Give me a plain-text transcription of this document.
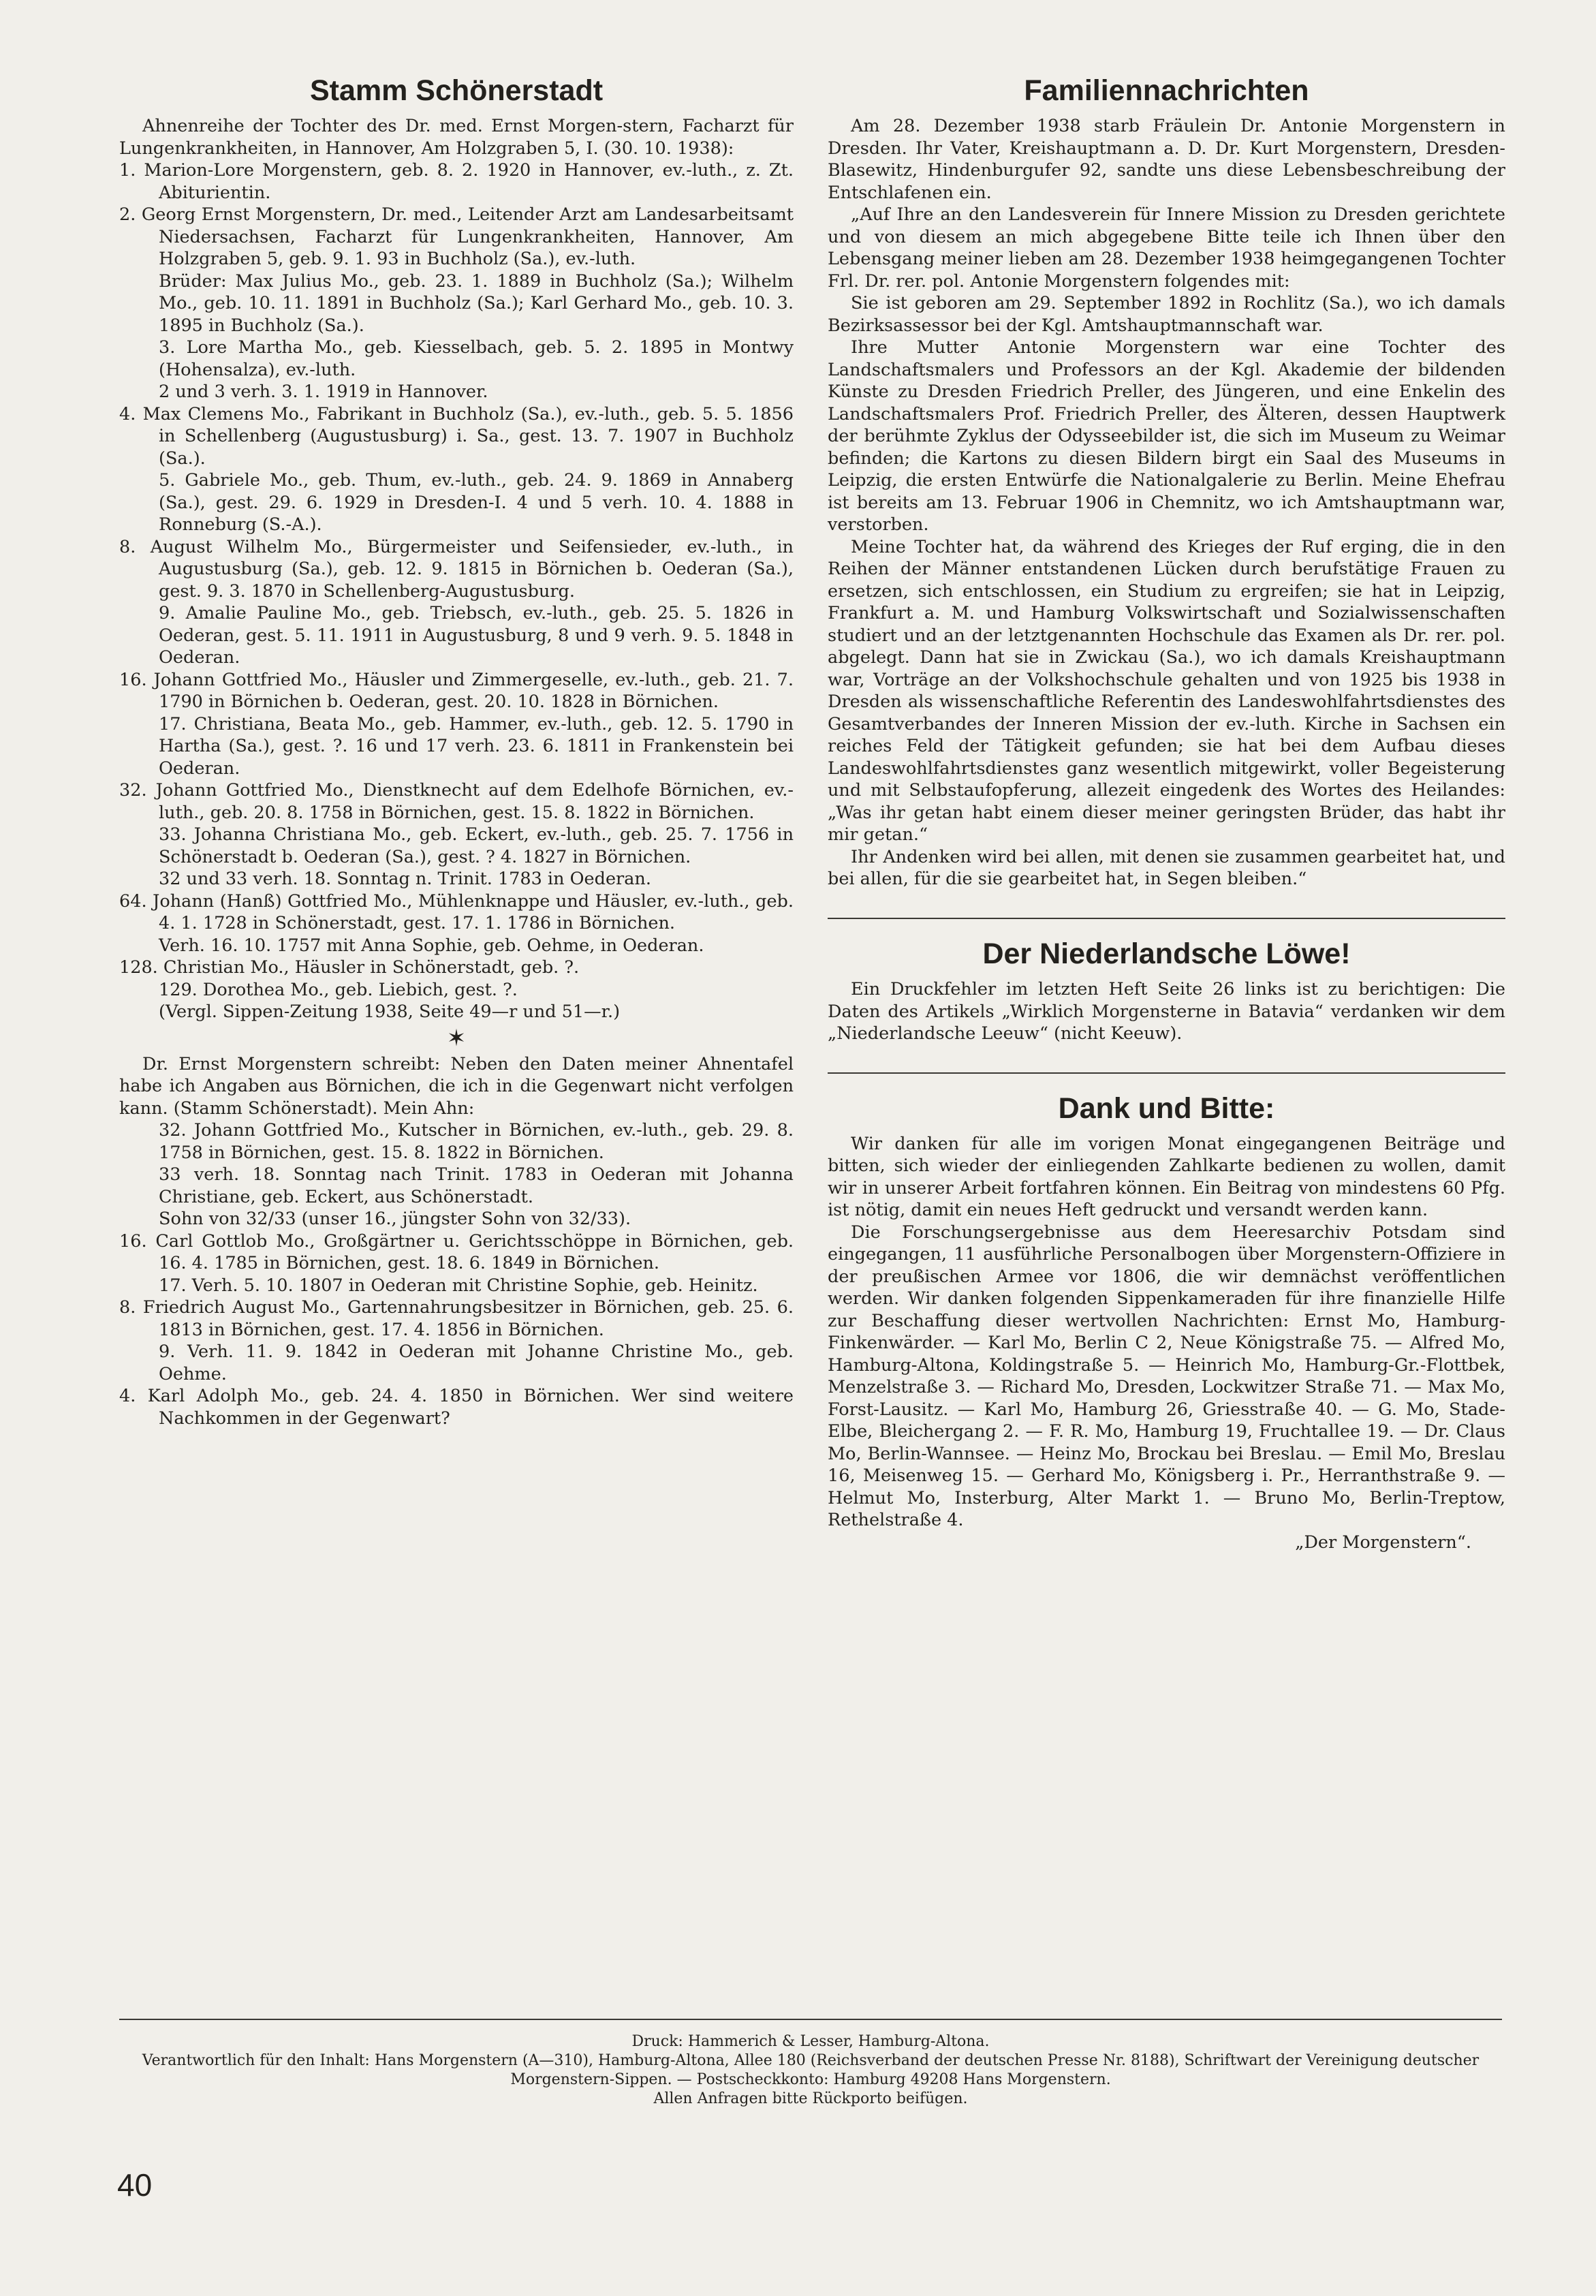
Stamm Schönerstadt

Ahnenreihe der Tochter des Dr. med. Ernst Morgen-stern, Facharzt für Lungenkrankheiten, in Hannover, Am Holzgraben 5, I. (30. 10. 1938):

1. Marion-Lore Morgenstern, geb. 8. 2. 1920 in Hannover, ev.-luth., z. Zt. Abiturientin.

2. Georg Ernst Morgenstern, Dr. med., Leitender Arzt am Landesarbeitsamt Niedersachsen, Facharzt für Lungenkrankheiten, Hannover, Am Holzgraben 5, geb. 9. 1. 93 in Buchholz (Sa.), ev.-luth.

Brüder: Max Julius Mo., geb. 23. 1. 1889 in Buchholz (Sa.); Wilhelm Mo., geb. 10. 11. 1891 in Buchholz (Sa.); Karl Gerhard Mo., geb. 10. 3. 1895 in Buchholz (Sa.).

3. Lore Martha Mo., geb. Kiesselbach, geb. 5. 2. 1895 in Montwy (Hohensalza), ev.-luth.

2 und 3 verh. 3. 1. 1919 in Hannover.

4. Max Clemens Mo., Fabrikant in Buchholz (Sa.), ev.-luth., geb. 5. 5. 1856 in Schellenberg (Augustusburg) i. Sa., gest. 13. 7. 1907 in Buchholz (Sa.).

5. Gabriele Mo., geb. Thum, ev.-luth., geb. 24. 9. 1869 in Annaberg (Sa.), gest. 29. 6. 1929 in Dresden-I. 4 und 5 verh. 10. 4. 1888 in Ronneburg (S.-A.).

8. August Wilhelm Mo., Bürgermeister und Seifensieder, ev.-luth., in Augustusburg (Sa.), geb. 12. 9. 1815 in Börnichen b. Oederan (Sa.), gest. 9. 3. 1870 in Schellenberg-Augustusburg.

9. Amalie Pauline Mo., geb. Triebsch, ev.-luth., geb. 25. 5. 1826 in Oederan, gest. 5. 11. 1911 in Augustusburg, 8 und 9 verh. 9. 5. 1848 in Oederan.

16. Johann Gottfried Mo., Häusler und Zimmergeselle, ev.-luth., geb. 21. 7. 1790 in Börnichen b. Oederan, gest. 20. 10. 1828 in Börnichen.

17. Christiana, Beata Mo., geb. Hammer, ev.-luth., geb. 12. 5. 1790 in Hartha (Sa.), gest. ?. 16 und 17 verh. 23. 6. 1811 in Frankenstein bei Oederan.

32. Johann Gottfried Mo., Dienstknecht auf dem Edelhofe Börnichen, ev.-luth., geb. 20. 8. 1758 in Börnichen, gest. 15. 8. 1822 in Börnichen.

33. Johanna Christiana Mo., geb. Eckert, ev.-luth., geb. 25. 7. 1756 in Schönerstadt b. Oederan (Sa.), gest. ? 4. 1827 in Börnichen.

32 und 33 verh. 18. Sonntag n. Trinit. 1783 in Oederan.

64. Johann (Hanß) Gottfried Mo., Mühlenknappe und Häusler, ev.-luth., geb. 4. 1. 1728 in Schönerstadt, gest. 17. 1. 1786 in Börnichen.

Verh. 16. 10. 1757 mit Anna Sophie, geb. Oehme, in Oederan.

128. Christian Mo., Häusler in Schönerstadt, geb. ?.

129. Dorothea Mo., geb. Liebich, gest. ?.

(Vergl. Sippen-Zeitung 1938, Seite 49—r und 51—r.)

✶

Dr. Ernst Morgenstern schreibt: Neben den Daten meiner Ahnentafel habe ich Angaben aus Börnichen, die ich in die Gegenwart nicht verfolgen kann. (Stamm Schönerstadt). Mein Ahn:

32. Johann Gottfried Mo., Kutscher in Börnichen, ev.-luth., geb. 29. 8. 1758 in Börnichen, gest. 15. 8. 1822 in Börnichen.

33 verh. 18. Sonntag nach Trinit. 1783 in Oederan mit Johanna Christiane, geb. Eckert, aus Schönerstadt.

Sohn von 32/33 (unser 16., jüngster Sohn von 32/33).

16. Carl Gottlob Mo., Großgärtner u. Gerichtsschöppe in Börnichen, geb. 16. 4. 1785 in Börnichen, gest. 18. 6. 1849 in Börnichen.

17. Verh. 5. 10. 1807 in Oederan mit Christine Sophie, geb. Heinitz.

8. Friedrich August Mo., Gartennahrungsbesitzer in Börnichen, geb. 25. 6. 1813 in Börnichen, gest. 17. 4. 1856 in Börnichen.

9. Verh. 11. 9. 1842 in Oederan mit Johanne Christine Mo., geb. Oehme.

4. Karl Adolph Mo., geb. 24. 4. 1850 in Börnichen. Wer sind weitere Nachkommen in der Gegenwart?

Familiennachrichten

Am 28. Dezember 1938 starb Fräulein Dr. Antonie Morgenstern in Dresden. Ihr Vater, Kreishauptmann a. D. Dr. Kurt Morgenstern, Dresden-Blasewitz, Hindenburgufer 92, sandte uns diese Lebensbeschreibung der Entschlafenen ein.

„Auf Ihre an den Landesverein für Innere Mission zu Dresden gerichtete und von diesem an mich abgegebene Bitte teile ich Ihnen über den Lebensgang meiner lieben am 28. Dezember 1938 heimgegangenen Tochter Frl. Dr. rer. pol. Antonie Morgenstern folgendes mit:

Sie ist geboren am 29. September 1892 in Rochlitz (Sa.), wo ich damals Bezirksassessor bei der Kgl. Amtshauptmannschaft war.

Ihre Mutter Antonie Morgenstern war eine Tochter des Landschaftsmalers und Professors an der Kgl. Akademie der bildenden Künste zu Dresden Friedrich Preller, des Jüngeren, und eine Enkelin des Landschaftsmalers Prof. Friedrich Preller, des Älteren, dessen Hauptwerk der berühmte Zyklus der Odysseebilder ist, die sich im Museum zu Weimar befinden; die Kartons zu diesen Bildern birgt ein Saal des Museums in Leipzig, die ersten Entwürfe die Nationalgalerie zu Berlin. Meine Ehefrau ist bereits am 13. Februar 1906 in Chemnitz, wo ich Amtshauptmann war, verstorben.

Meine Tochter hat, da während des Krieges der Ruf erging, die in den Reihen der Männer entstandenen Lücken durch berufstätige Frauen zu ersetzen, sich entschlossen, ein Studium zu ergreifen; sie hat in Leipzig, Frankfurt a. M. und Hamburg Volkswirtschaft und Sozialwissenschaften studiert und an der letztgenannten Hochschule das Examen als Dr. rer. pol. abgelegt. Dann hat sie in Zwickau (Sa.), wo ich damals Kreishauptmann war, Vorträge an der Volkshochschule gehalten und von 1925 bis 1938 in Dresden als wissenschaftliche Referentin des Landeswohlfahrtsdienstes des Gesamtverbandes der Inneren Mission der ev.-luth. Kirche in Sachsen ein reiches Feld der Tätigkeit gefunden; sie hat bei dem Aufbau dieses Landeswohlfahrtsdienstes ganz wesentlich mitgewirkt, voller Begeisterung und mit Selbstaufopferung, allezeit eingedenk des Wortes des Heilandes: „Was ihr getan habt einem dieser meiner geringsten Brüder, das habt ihr mir getan.“

Ihr Andenken wird bei allen, mit denen sie zusammen gearbeitet hat, und bei allen, für die sie gearbeitet hat, in Segen bleiben.“

Der Niederlandsche Löwe!

Ein Druckfehler im letzten Heft Seite 26 links ist zu berichtigen: Die Daten des Artikels „Wirklich Morgensterne in Batavia“ verdanken wir dem „Niederlandsche Leeuw“ (nicht Keeuw).

Dank und Bitte:

Wir danken für alle im vorigen Monat eingegangenen Beiträge und bitten, sich wieder der einliegenden Zahlkarte bedienen zu wollen, damit wir in unserer Arbeit fortfahren können. Ein Beitrag von mindestens 60 Pfg. ist nötig, damit ein neues Heft gedruckt und versandt werden kann.

Die Forschungsergebnisse aus dem Heeresarchiv Potsdam sind eingegangen, 11 ausführliche Personalbogen über Morgenstern-Offiziere in der preußischen Armee vor 1806, die wir demnächst veröffentlichen werden. Wir danken folgenden Sippenkameraden für ihre finanzielle Hilfe zur Beschaffung dieser wertvollen Nachrichten: Ernst Mo, Hamburg-Finkenwärder. — Karl Mo, Berlin C 2, Neue Königstraße 75. — Alfred Mo, Hamburg-Altona, Koldingstraße 5. — Heinrich Mo, Hamburg-Gr.-Flottbek, Menzelstraße 3. — Richard Mo, Dresden, Lockwitzer Straße 71. — Max Mo, Forst-Lausitz. — Karl Mo, Hamburg 26, Griesstraße 40. — G. Mo, Stade-Elbe, Bleichergang 2. — F. R. Mo, Hamburg 19, Fruchtallee 19. — Dr. Claus Mo, Berlin-Wannsee. — Heinz Mo, Brockau bei Breslau. — Emil Mo, Breslau 16, Meisenweg 15. — Gerhard Mo, Königsberg i. Pr., Herranthstraße 9. — Helmut Mo, Insterburg, Alter Markt 1. — Bruno Mo, Berlin-Treptow, Rethelstraße 4.

„Der Morgenstern“.

Druck: Hammerich & Lesser, Hamburg-Altona.

Verantwortlich für den Inhalt: Hans Morgenstern (A—310), Hamburg-Altona, Allee 180 (Reichsverband der deutschen Presse Nr. 8188), Schriftwart der Vereinigung deutscher Morgenstern-Sippen. — Postscheckkonto: Hamburg 49208 Hans Morgenstern.

Allen Anfragen bitte Rückporto beifügen.

40
